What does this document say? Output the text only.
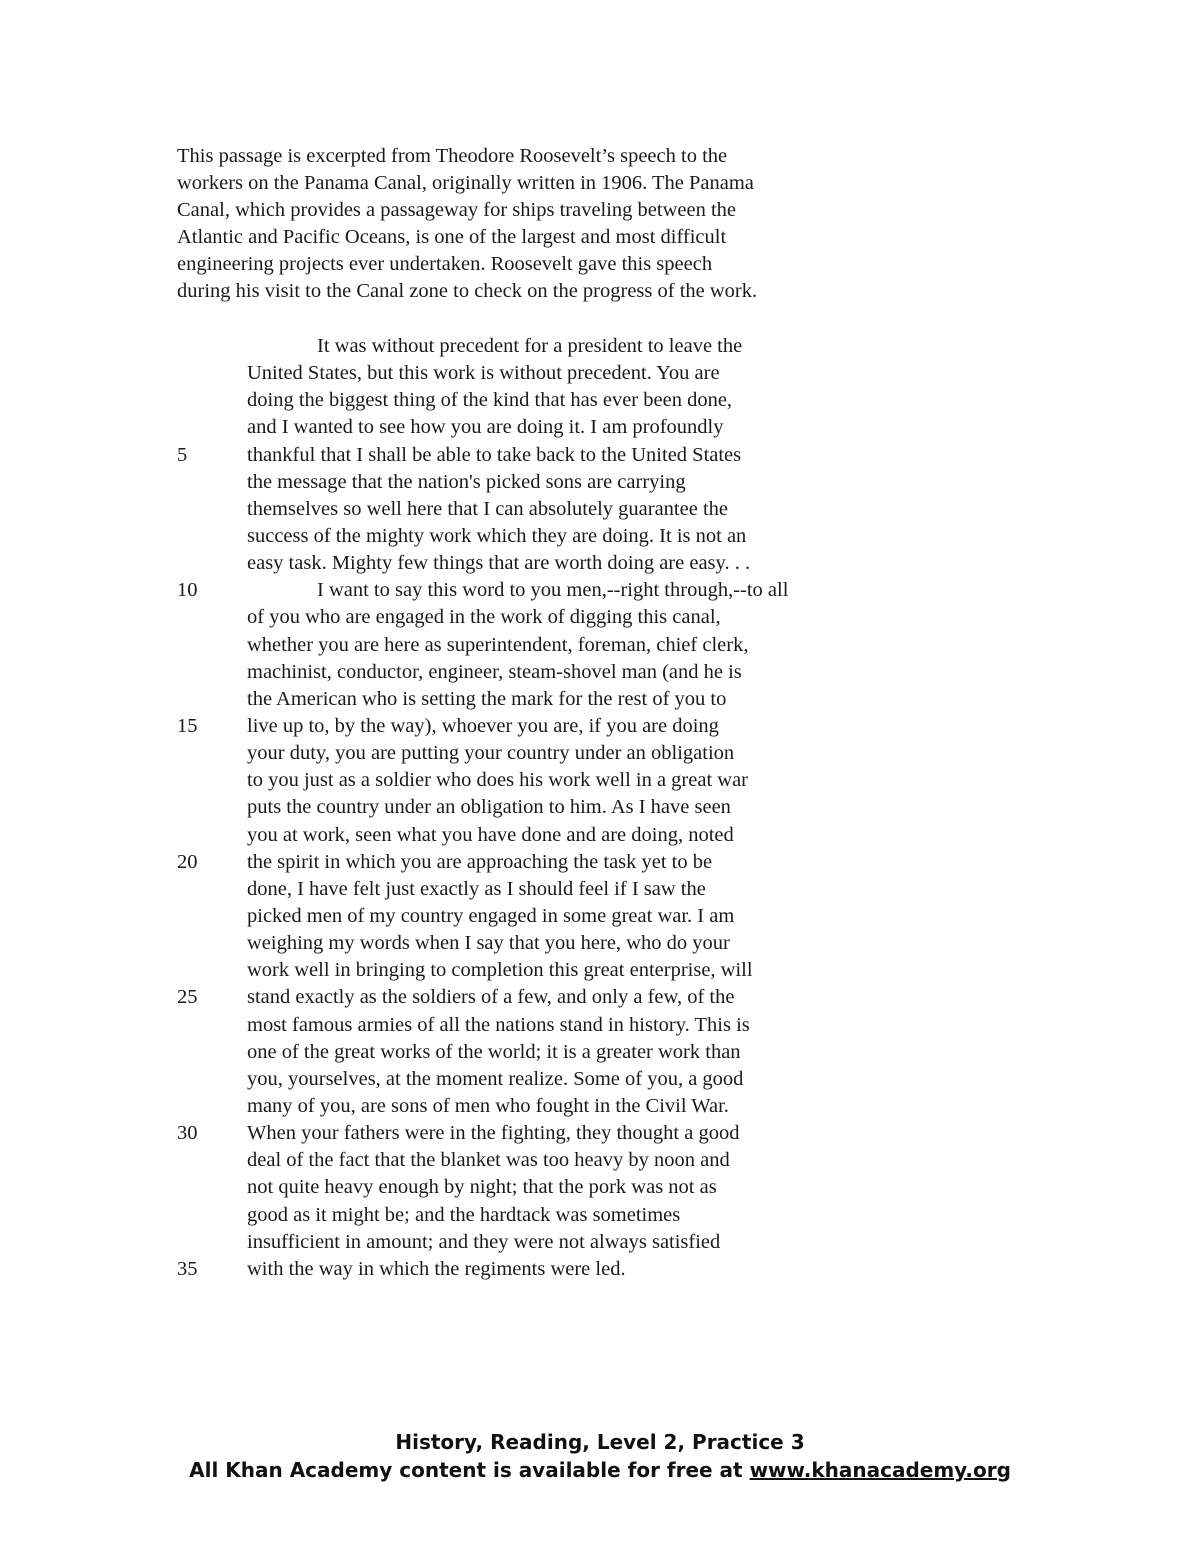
This passage is excerpted from Theodore Roosevelt’s speech to the
workers on the Panama Canal, originally written in 1906. The Panama
Canal, which provides a passageway for ships traveling between the
Atlantic and Pacific Oceans, is one of the largest and most difficult
engineering projects ever undertaken. Roosevelt gave this speech
during his visit to the Canal zone to check on the progress of the work.
It was without precedent for a president to leave the
United States, but this work is without precedent. You are
doing the biggest thing of the kind that has ever been done,
and I wanted to see how you are doing it. I am profoundly
5	thankful that I shall be able to take back to the United States
the message that the nation's picked sons are carrying
themselves so well here that I can absolutely guarantee the
success of the mighty work which they are doing. It is not an
easy task. Mighty few things that are worth doing are easy. . .
10	I want to say this word to you men,--right through,--to all
of you who are engaged in the work of digging this canal,
whether you are here as superintendent, foreman, chief clerk,
machinist, conductor, engineer, steam-shovel man (and he is
the American who is setting the mark for the rest of you to
15 live up to, by the way), whoever you are, if you are doing
your duty, you are putting your country under an obligation
to you just as a soldier who does his work well in a great war
puts the country under an obligation to him. As I have seen
you at work, seen what you have done and are doing, noted
20 the spirit in which you are approaching the task yet to be
done, I have felt just exactly as I should feel if I saw the
picked men of my country engaged in some great war. I am
weighing my words when I say that you here, who do your
work well in bringing to completion this great enterprise, will
25 stand exactly as the soldiers of a few, and only a few, of the
most famous armies of all the nations stand in history. This is
one of the great works of the world; it is a greater work than
you, yourselves, at the moment realize. Some of you, a good
many of you, are sons of men who fought in the Civil War.
30 When your fathers were in the fighting, they thought a good
deal of the fact that the blanket was too heavy by noon and
not quite heavy enough by night; that the pork was not as
good as it might be; and the hardtack was sometimes
insufficient in amount; and they were not always satisfied
35 with the way in which the regiments were led.
History, Reading, Level 2, Practice 3
All Khan Academy content is available for free at www.khanacademy.org
